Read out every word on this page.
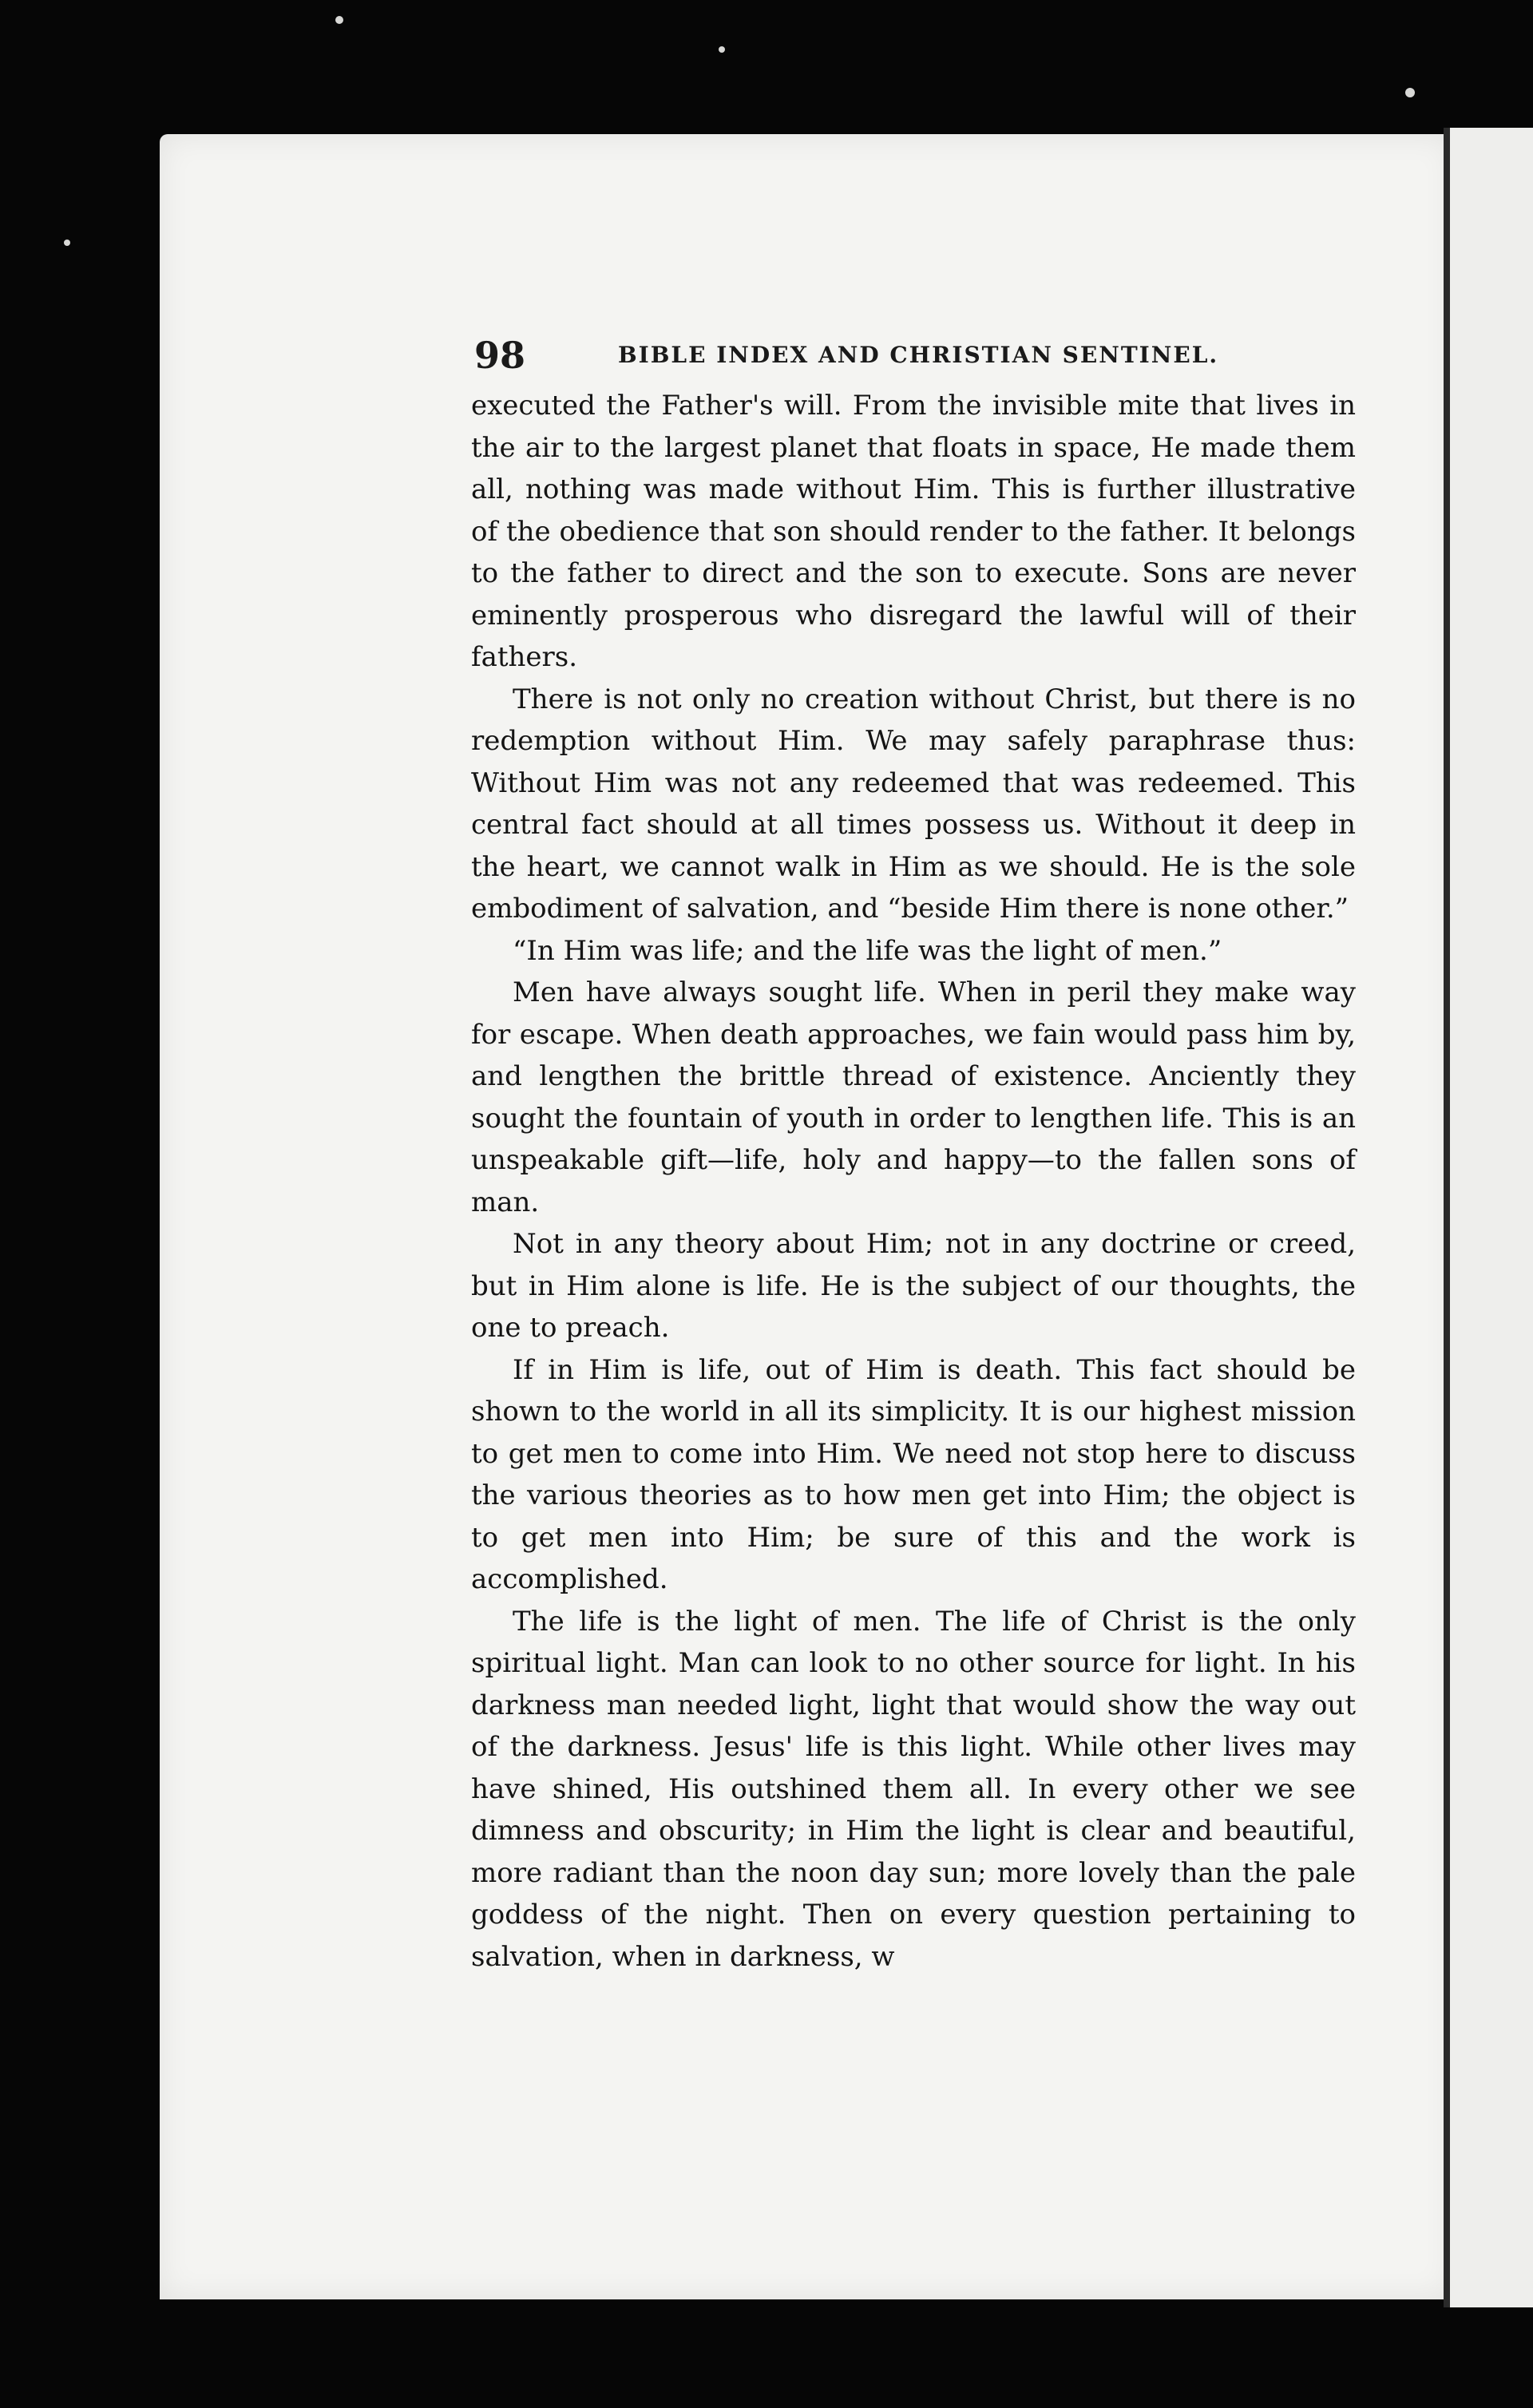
98	BIBLE INDEX AND CHRISTIAN SENTINEL.

executed the Father's will. From the invisible mite that lives in the air to the largest planet that floats in space, He made them all, nothing was made without Him. This is further illustrative of the obedience that son should render to the father. It belongs to the father to direct and the son to execute. Sons are never eminently prosperous who disregard the lawful will of their fathers.

There is not only no creation without Christ, but there is no redemption without Him. We may safely paraphrase thus: Without Him was not any redeemed that was redeemed. This central fact should at all times possess us. Without it deep in the heart, we cannot walk in Him as we should. He is the sole embodiment of salvation, and “beside Him there is none other.”

“In Him was life; and the life was the light of men.”

Men have always sought life. When in peril they make way for escape. When death approaches, we fain would pass him by, and lengthen the brittle thread of existence. Anciently they sought the fountain of youth in order to lengthen life. This is an unspeakable gift—life, holy and happy—to the fallen sons of man.

Not in any theory about Him; not in any doctrine or creed, but in Him alone is life. He is the subject of our thoughts, the one to preach.

If in Him is life, out of Him is death. This fact should be shown to the world in all its simplicity. It is our highest mission to get men to come into Him. We need not stop here to discuss the various theories as to how men get into Him; the object is to get men into Him; be sure of this and the work is accomplished.

The life is the light of men. The life of Christ is the only spiritual light. Man can look to no other source for light. In his darkness man needed light, light that would show the way out of the darkness. Jesus' life is this light. While other lives may have shined, His outshined them all. In every other we see dimness and obscurity; in Him the light is clear and beautiful, more radiant than the noon day sun; more lovely than the pale goddess of the night. Then on every question pertaining to salvation, when in darkness, w
